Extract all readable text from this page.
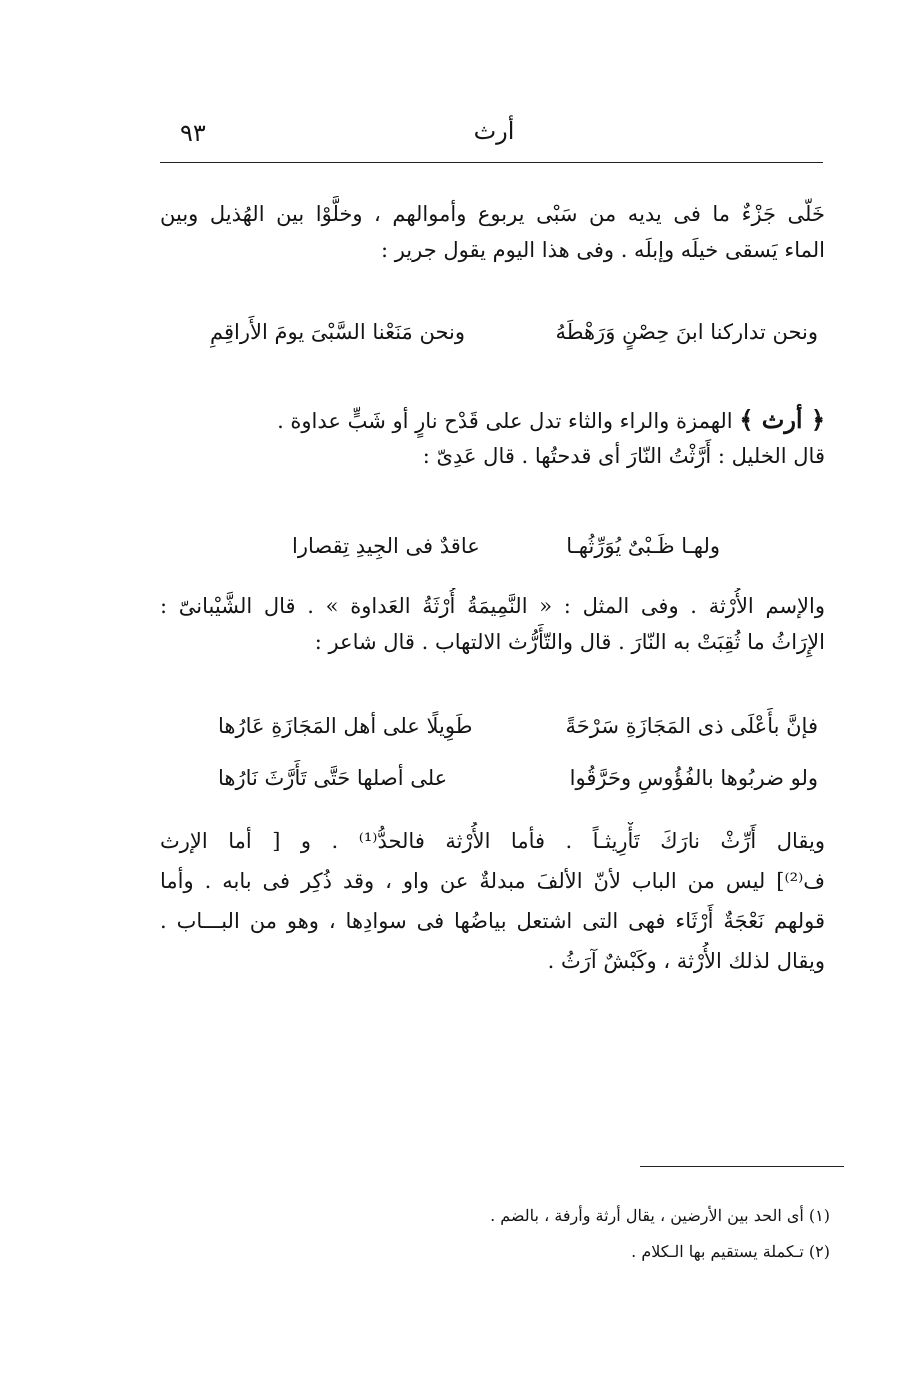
أرث
٩٣
خَلّى جَزْءٌ ما فى يديه من سَبْى يربوع وأموالهم ، وخلَّوْا بين الهُذيل وبين
الماء يَسقى خيلَه وإبلَه . وفى هذا اليوم يقول جرير :
ونحن تداركنا ابنَ حِصْنٍ وَرَهْطَهُ
ونحن مَنَعْنا السَّبْىَ يومَ الأَراقِمِ
﴿ أرث ﴾ الهمزة والراء والثاء تدل على قَدْح نارٍ أو شَبٍّ عداوة .
قال الخليل : أَرَّثْتُ النّارَ أى قدحتُها . قال عَدِىّ :
ولهـا ظَـبْىٌ يُوَرِّثُهـا
عاقدٌ فى الجِيدِ تِقصارا
والإسم الأُرْثة . وفى المثل : « النَّمِيمَةُ أُرْثَةُ العَداوة » . قال الشَّيْبانىّ :
الإِرَاثُ ما ثُقِبَتْ به النّارَ . قال والتّأَرُّث الالتهاب . قال شاعر :
فإنَّ بأَعْلَى ذى المَجَازَةِ سَرْحَةً
طَوِيلًا على أهل المَجَازَةِ عَارُها
ولو ضربُوها بالفُؤُوسِ وحَرَّقُوا
على أصلها حَتَّى تَأَرَّثَ نَارُها
ويقال أَرِّثْ نارَكَ تَأْرِيثـاً . فأما الأُرْثة فالحدُّ⁽¹⁾ . و [ أما الإرث
ف⁽²⁾] ليس من الباب لأنّ الألفَ مبدلةٌ عن واو ، وقد ذُكِر فى بابه . وأما
قولهم نَعْجَةٌ أَرْثَاء فهى التى اشتعل بياضُها فى سوادِها ، وهو من البـــاب .
ويقال لذلك الأُرْثة ، وكَبْشٌ آرَثُ .
(١) أى الحد بين الأرضين ، يقال أرثة وأرفة ، بالضم .
(٢) تـكملة يستقيم بها الـكلام .
